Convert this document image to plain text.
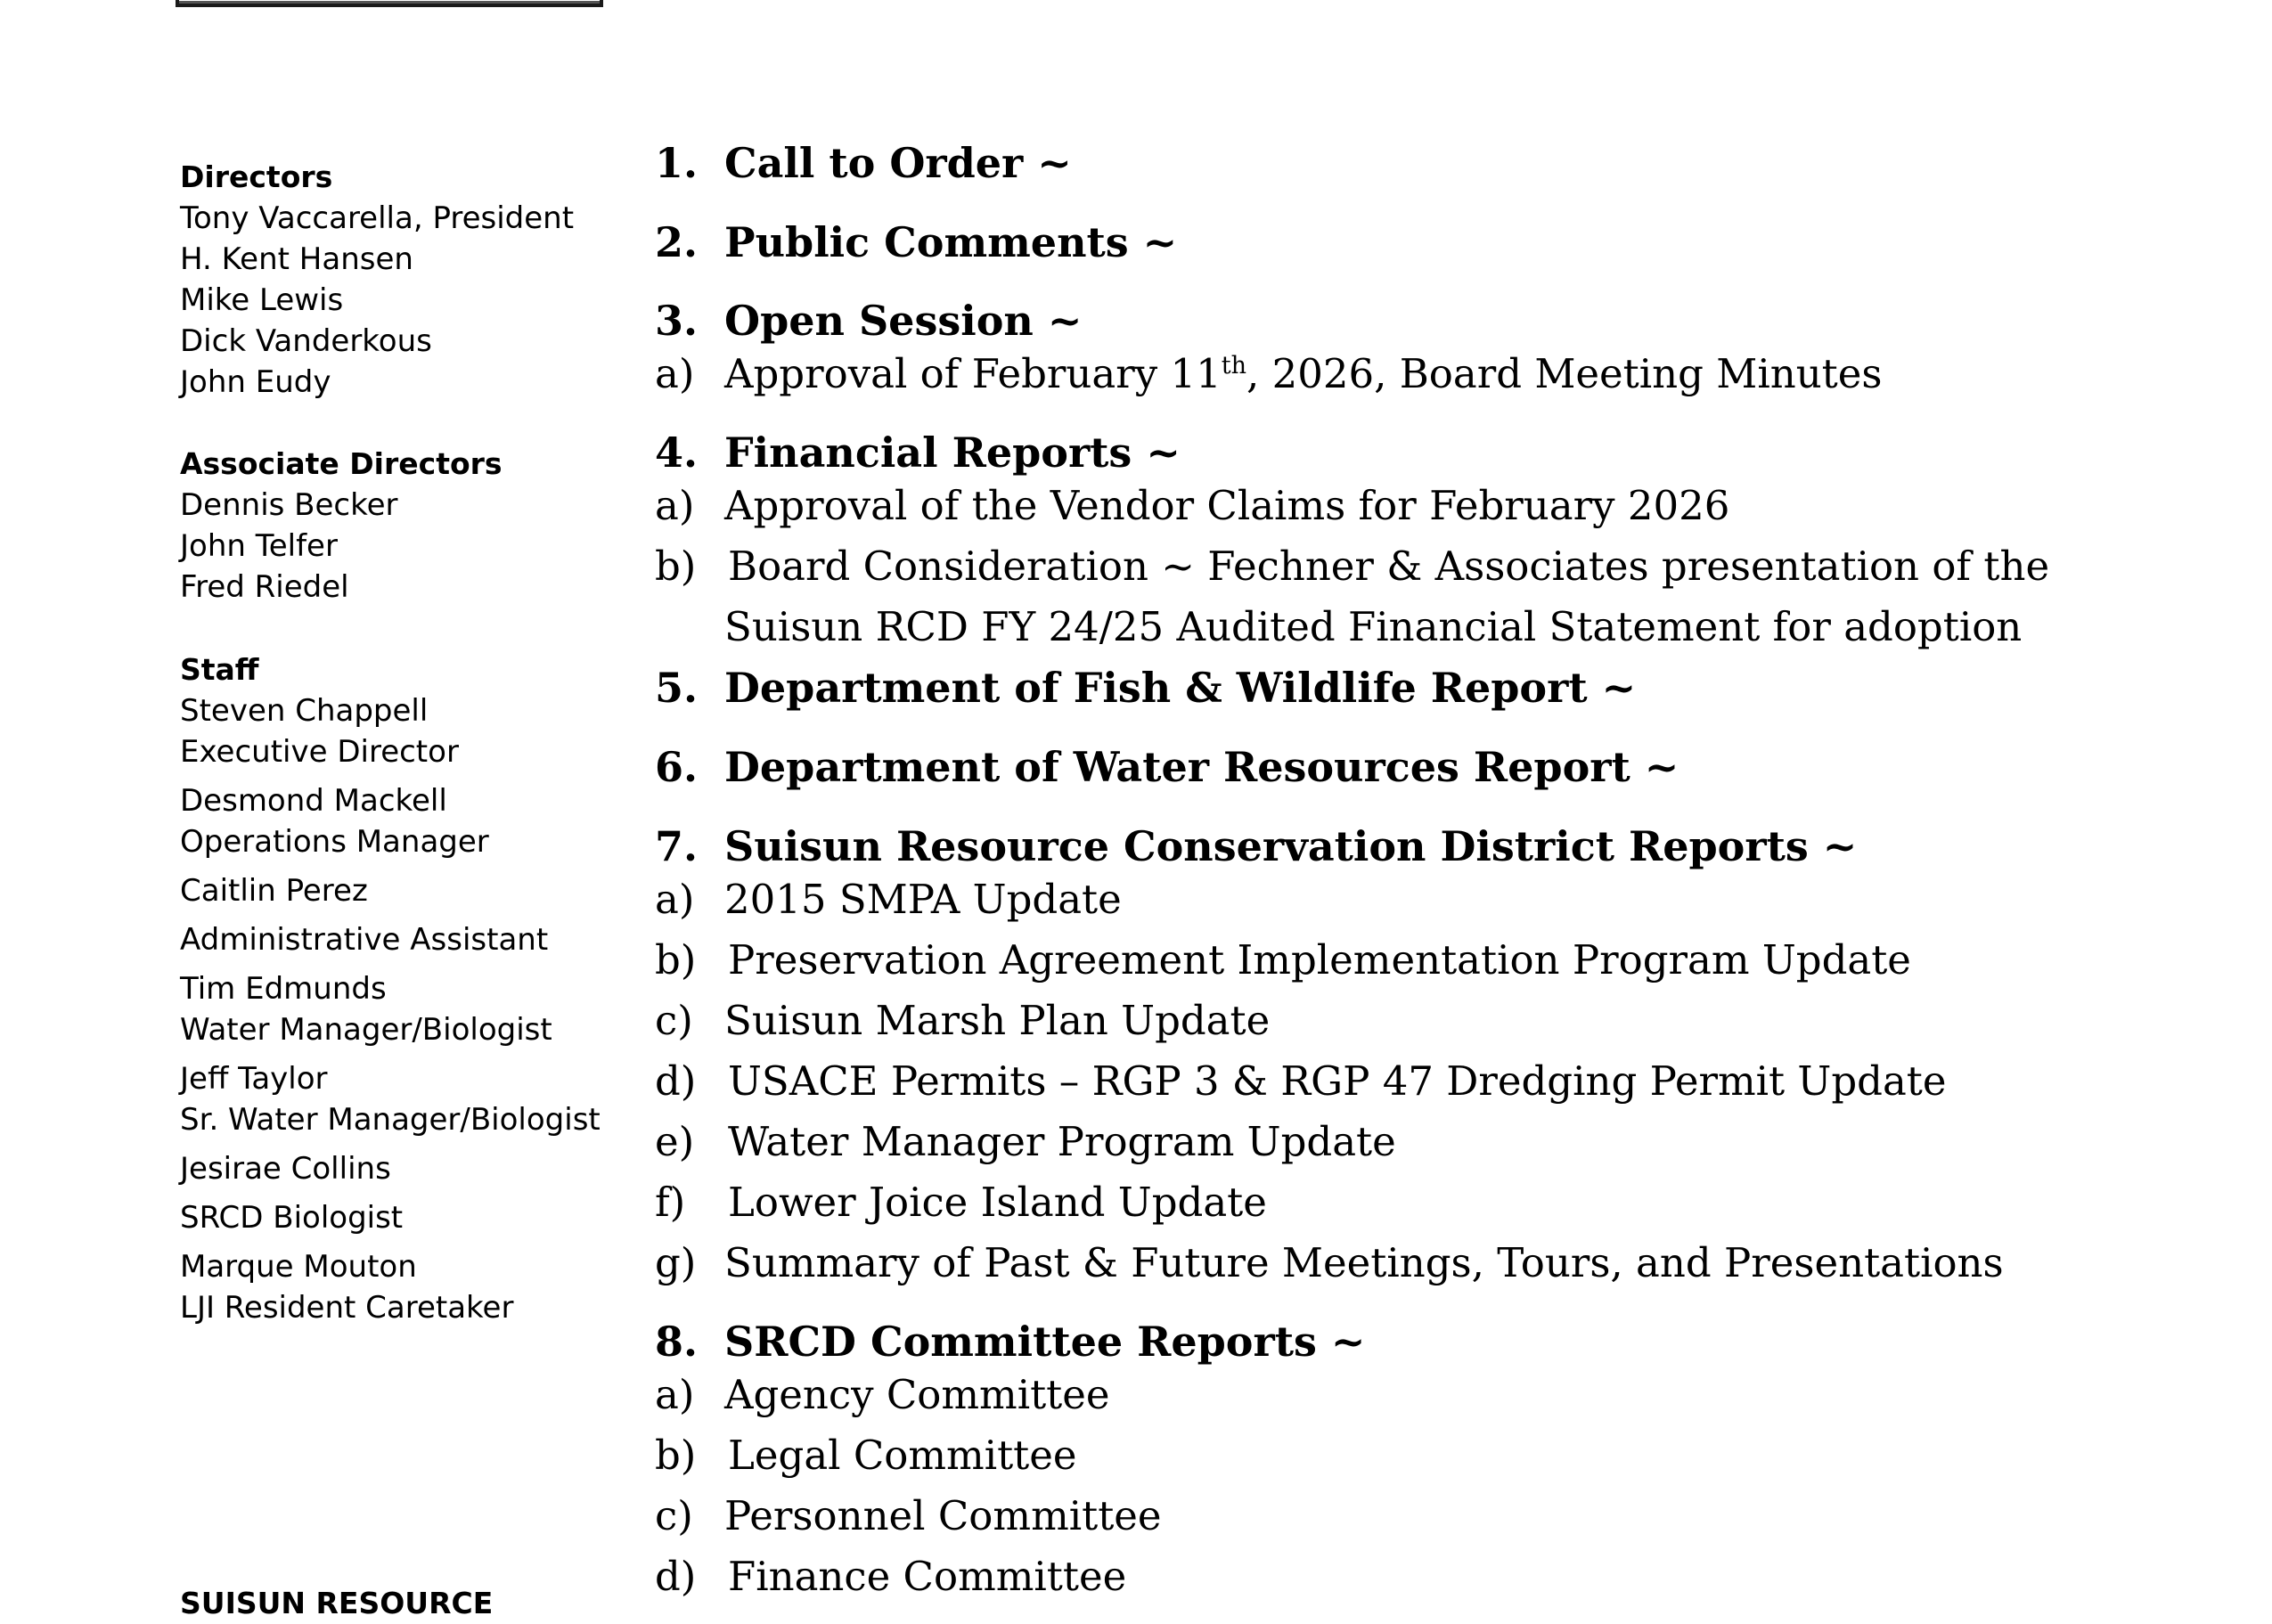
Directors
Tony Vaccarella, President
H. Kent Hansen
Mike Lewis
Dick Vanderkous
John Eudy
Associate Directors
Dennis Becker
John Telfer
Fred Riedel
Staff
Steven Chappell
Executive Director
Desmond Mackell
Operations Manager
Caitlin Perez
Administrative Assistant
Tim Edmunds
Water Manager/Biologist
Jeff Taylor
Sr. Water Manager/Biologist
Jesirae Collins
SRCD Biologist
Marque Mouton
LJI Resident Caretaker
SUISUN RESOURCE
1. Call to Order ~
2. Public Comments ~
3. Open Session ~
a) Approval of February 11th, 2026, Board Meeting Minutes
4. Financial Reports ~
a) Approval of the Vendor Claims for February 2026
b) Board Consideration ~ Fechner & Associates presentation of the
Suisun RCD FY 24/25 Audited Financial Statement for adoption
5. Department of Fish & Wildlife Report ~
6. Department of Water Resources Report ~
7. Suisun Resource Conservation District Reports ~
a) 2015 SMPA Update
b) Preservation Agreement Implementation Program Update
c) Suisun Marsh Plan Update
d) USACE Permits – RGP 3 & RGP 47 Dredging Permit Update
e) Water Manager Program Update
f)	Lower Joice Island Update
g) Summary of Past & Future Meetings, Tours, and Presentations
8. SRCD Committee Reports ~
a) Agency Committee
b) Legal Committee
c) Personnel Committee
d) Finance Committee
